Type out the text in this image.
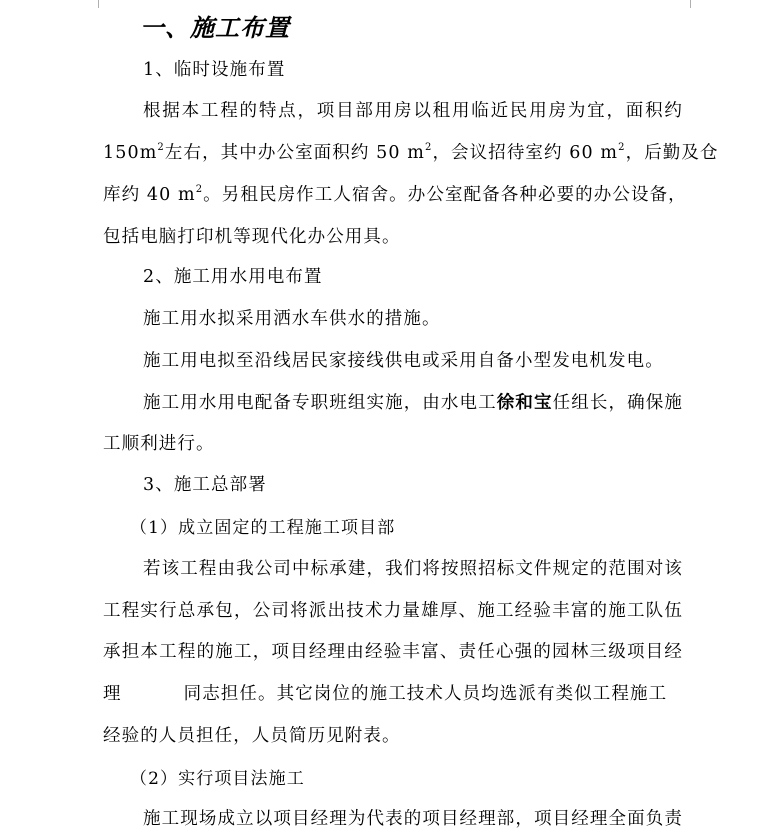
一、施工布置
1、临时设施布置
根据本工程的特点，项目部用房以租用临近民用房为宜，面积约
$150m^2$左右，其中办公室面积约 50 $m^2$，会议招待室约 60 $m^2$，后勤及仓
库约 40 $m^2$。另租民房作工人宿舍。办公室配备各种必要的办公设备，
包括电脑打印机等现代化办公用具。
2、施工用水用电布置
施工用水拟采用洒水车供水的措施。
施工用电拟至沿线居民家接线供电或采用自备小型发电机发电。
施工用水用电配备专职班组实施，由水电工徐和宝任组长，确保施
工顺利进行。
3、施工总部署
（1）成立固定的工程施工项目部
若该工程由我公司中标承建，我们将按照招标文件规定的范围对该
工程实行总承包，公司将派出技术力量雄厚、施工经验丰富的施工队伍
承担本工程的施工，项目经理由经验丰富、责任心强的园林三级项目经
理	同志担任。其它岗位的施工技术人员均选派有类似工程施工
经验的人员担任，人员简历见附表。
（2）实行项目法施工
施工现场成立以项目经理为代表的项目经理部，项目经理全面负责
